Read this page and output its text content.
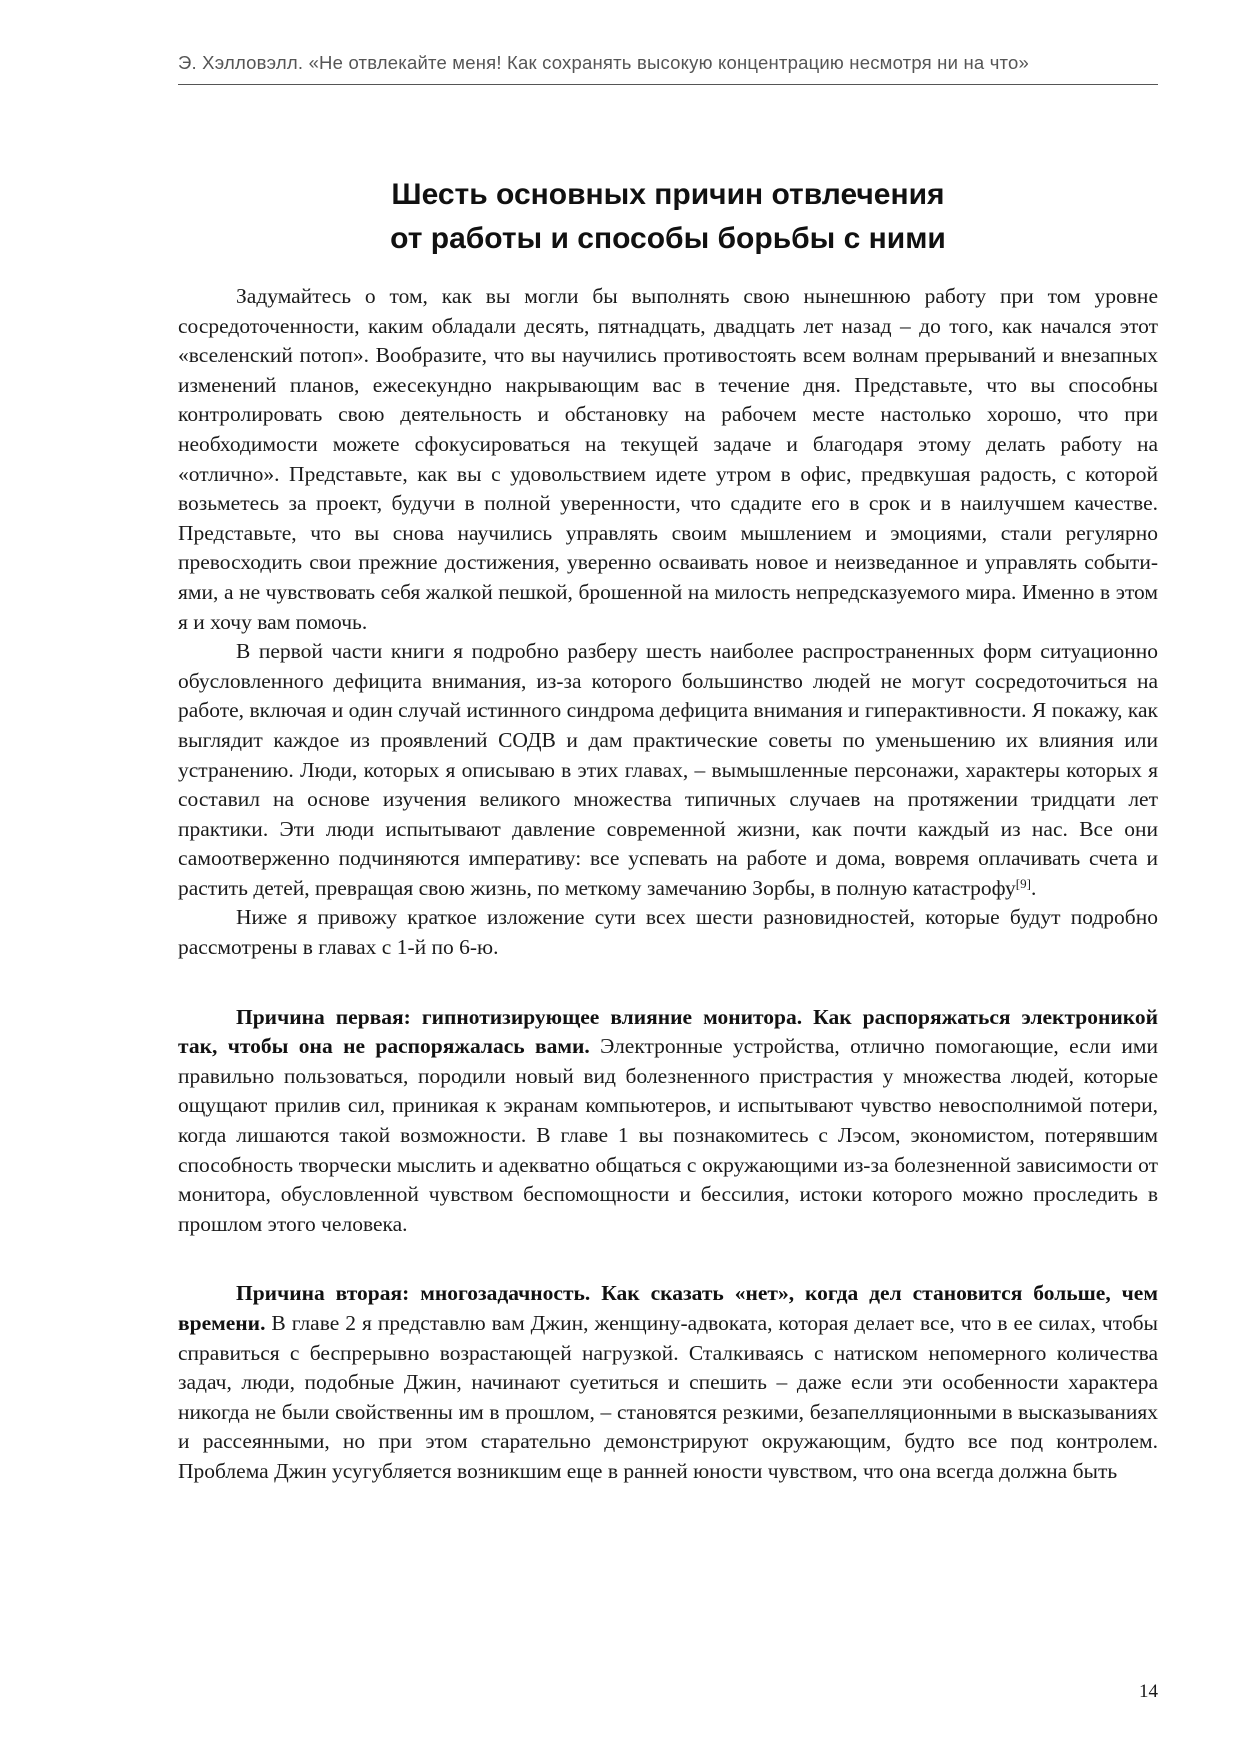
Э. Хэлловэлл. «Не отвлекайте меня! Как сохранять высокую концентрацию несмотря ни на что»
Шесть основных причин отвлечения
от работы и способы борьбы с ними

Задумайтесь о том, как вы могли бы выполнять свою нынешнюю работу при том уровне сосредоточенности, каким обладали десять, пятнадцать, двадцать лет назад – до того, как начался этот «вселенский потоп». Вообразите, что вы научились противостоять всем волнам прерываний и внезапных изменений планов, ежесекундно накрывающим вас в течение дня. Представьте, что вы способны контролировать свою деятельность и обстановку на рабочем месте настолько хорошо, что при необходимости можете сфокусироваться на текущей задаче и благодаря этому делать работу на «отлично». Представьте, как вы с удовольствием идете утром в офис, предвкушая радость, с которой возьметесь за проект, будучи в полной уверенности, что сдадите его в срок и в наилучшем качестве. Представьте, что вы снова научились управлять своим мышлением и эмоциями, стали регулярно превосходить свои прежние достижения, уверенно осваивать новое и неизведанное и управлять событиями, а не чувствовать себя жалкой пешкой, брошенной на милость непредсказуемого мира. Именно в этом я и хочу вам помочь.

В первой части книги я подробно разберу шесть наиболее распространенных форм ситуационно обусловленного дефицита внимания, из-за которого большинство людей не могут сосредоточиться на работе, включая и один случай истинного синдрома дефицита внимания и гиперактивности. Я покажу, как выглядит каждое из проявлений СОДВ и дам практические советы по уменьшению их влияния или устранению. Люди, которых я описываю в этих главах, – вымышленные персонажи, характеры которых я составил на основе изучения великого множества типичных случаев на протяжении тридцати лет практики. Эти люди испытывают давление современной жизни, как почти каждый из нас. Все они самоотверженно подчиняются императиву: все успевать на работе и дома, вовремя оплачивать счета и растить детей, превращая свою жизнь, по меткому замечанию Зорбы, в полную катастрофу[9].

Ниже я привожу краткое изложение сути всех шести разновидностей, которые будут подробно рассмотрены в главах с 1-й по 6-ю.

Причина первая: гипнотизирующее влияние монитора. Как распоряжаться электроникой так, чтобы она не распоряжалась вами. Электронные устройства, отлично помогающие, если ими правильно пользоваться, породили новый вид болезненного пристрастия у множества людей, которые ощущают прилив сил, приникая к экранам компьютеров, и испытывают чувство невосполнимой потери, когда лишаются такой возможности. В главе 1 вы познакомитесь с Лэсом, экономистом, потерявшим способность творчески мыслить и адекватно общаться с окружающими из-за болезненной зависимости от монитора, обусловленной чувством беспомощности и бессилия, истоки которого можно проследить в прошлом этого человека.

Причина вторая: многозадачность. Как сказать «нет», когда дел становится больше, чем времени. В главе 2 я представлю вам Джин, женщину-адвоката, которая делает все, что в ее силах, чтобы справиться с беспрерывно возрастающей нагрузкой. Сталкиваясь с натиском непомерного количества задач, люди, подобные Джин, начинают суетиться и спешить – даже если эти особенности характера никогда не были свойственны им в прошлом, – становятся резкими, безапелляционными в высказываниях и рассеянными, но при этом старательно демонстрируют окружающим, будто все под контролем. Проблема Джин усугубляется возникшим еще в ранней юности чувством, что она всегда должна быть

14
